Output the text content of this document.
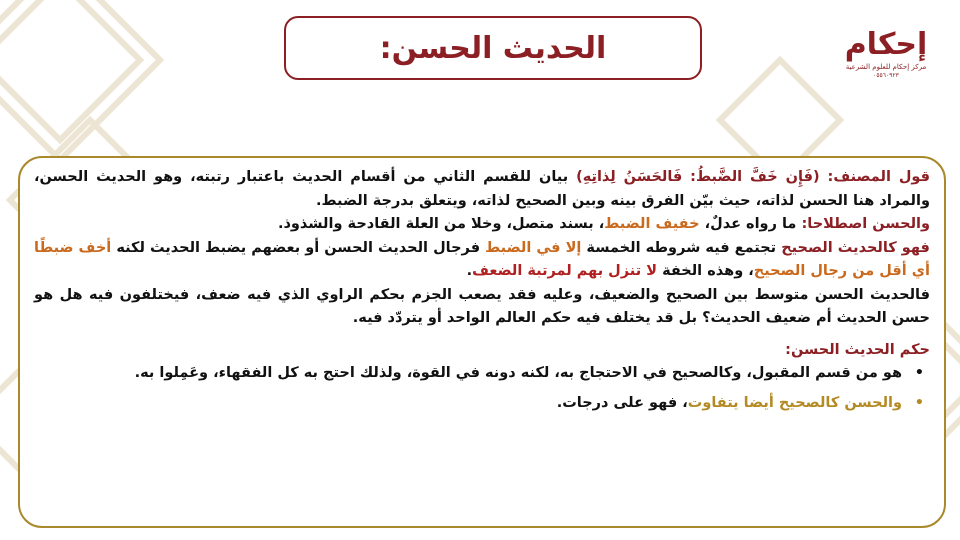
الحديث الحسن:	إحكام
مركز إحكام للعلوم الشرعية
٠٥٥٦٠٩٢٣

قول المصنف: (فَإِن خَفَّ الضَّبطُ: فَالحَسَنُ لِذاتِهِ) بيان للقسم الثاني من أقسام الحديث باعتبار رتبته، وهو الحديث الحسن، والمراد هنا الحسن لذاته، حيث بيّن الفرق بينه وبين الصحيح لذاته، ويتعلق بدرجة الضبط.

والحسن اصطلاحا: ما رواه عدلٌ، خفيف الضبط، بسند متصل، وخلا من العلة القادحة والشذوذ.

فهو كالحديث الصحيح تجتمع فيه شروطه الخمسة إلا في الضبط فرجال الحديث الحسن أو بعضهم يضبط الحديث لكنه أخف ضبطًا أي أقل من رجال الصحيح، وهذه الخفة لا تنزل بهم لمرتبة الضعف.

فالحديث الحسن متوسط بين الصحيح والضعيف، وعليه فقد يصعب الجزم بحكم الراوي الذي فيه ضعف، فيختلفون فيه هل هو حسن الحديث أم ضعيف الحديث؟ بل قد يختلف فيه حكم العالم الواحد أو يتردّد فيه.

حكم الحديث الحسن:

•
هو من قسم المقبول، وكالصحيح في الاحتجاج به، لكنه دونه في القوة، ولذلك احتج به كل الفقهاء، وعَمِلوا به.
•
والحسن كالصحيح أيضا يتفاوت، فهو على درجات.
